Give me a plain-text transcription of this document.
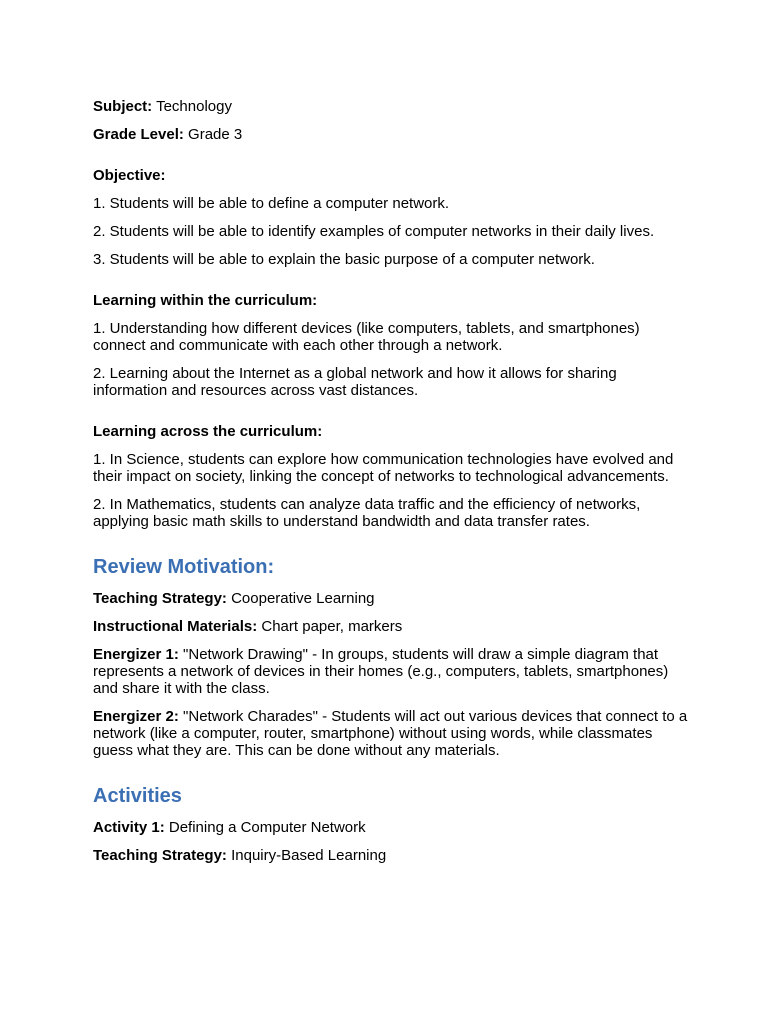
Subject: Technology

Grade Level: Grade 3

Objective:

1. Students will be able to define a computer network.

2. Students will be able to identify examples of computer networks in their daily lives.

3. Students will be able to explain the basic purpose of a computer network.

Learning within the curriculum:

1. Understanding how different devices (like computers, tablets, and smartphones) connect and communicate with each other through a network.

2. Learning about the Internet as a global network and how it allows for sharing information and resources across vast distances.

Learning across the curriculum:

1. In Science, students can explore how communication technologies have evolved and their impact on society, linking the concept of networks to technological advancements.

2. In Mathematics, students can analyze data traffic and the efficiency of networks, applying basic math skills to understand bandwidth and data transfer rates.

Review Motivation:

Teaching Strategy: Cooperative Learning

Instructional Materials: Chart paper, markers

Energizer 1: "Network Drawing" - In groups, students will draw a simple diagram that represents a network of devices in their homes (e.g., computers, tablets, smartphones) and share it with the class.

Energizer 2: "Network Charades" - Students will act out various devices that connect to a network (like a computer, router, smartphone) without using words, while classmates guess what they are. This can be done without any materials.

Activities

Activity 1: Defining a Computer Network

Teaching Strategy: Inquiry-Based Learning
